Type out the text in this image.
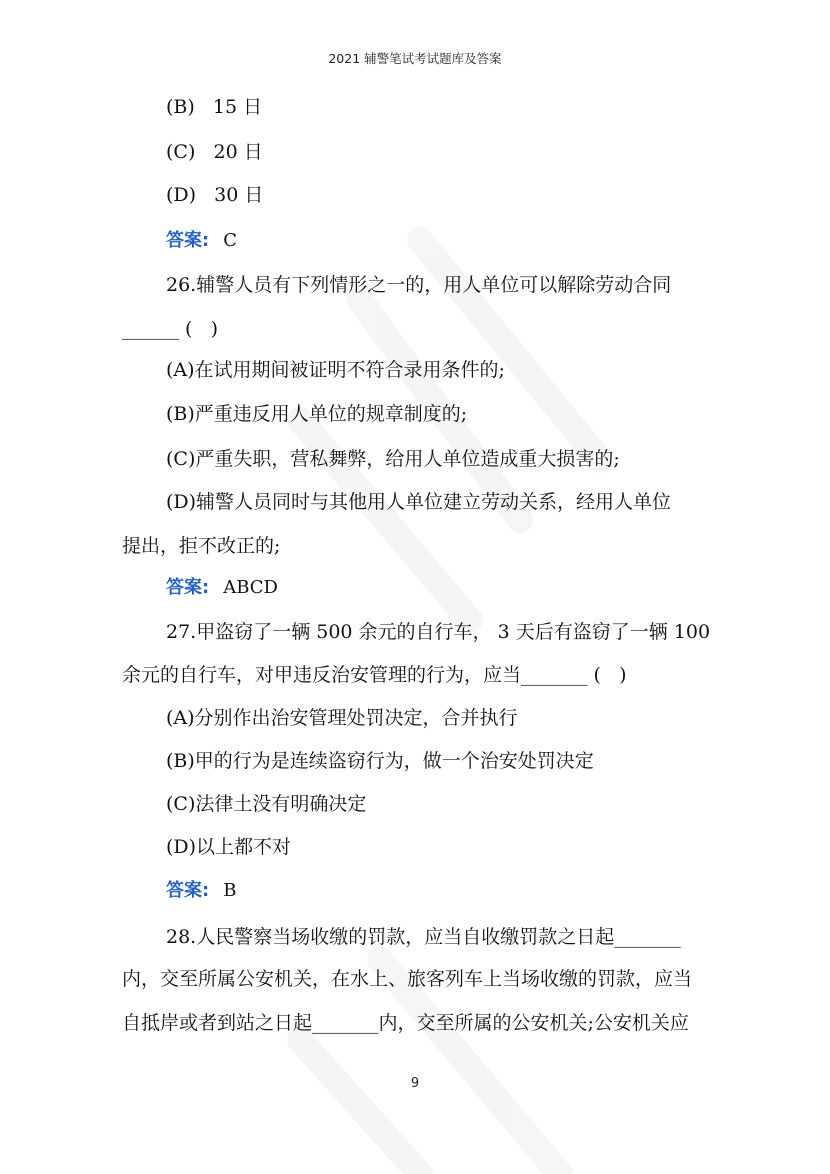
2021 辅警笔试考试题库及答案
(B)   15 日
(C)   20 日
(D)   30 日
答案: C
26.辅警人员有下列情形之一的，用人单位可以解除劳动合同
______ (   )
(A)在试用期间被证明不符合录用条件的;
(B)严重违反用人单位的规章制度的;
(C)严重失职，营私舞弊，给用人单位造成重大损害的;
(D)辅警人员同时与其他用人单位建立劳动关系，经用人单位
提出，拒不改正的;
答案: ABCD
27.甲盗窃了一辆 500 余元的自行车， 3 天后有盗窃了一辆 100
余元的自行车，对甲违反治安管理的行为，应当_______ (   )
(A)分别作出治安管理处罚决定，合并执行
(B)甲的行为是连续盗窃行为，做一个治安处罚决定
(C)法律土没有明确决定
(D)以上都不对
答案: B
28.人民警察当场收缴的罚款，应当自收缴罚款之日起_______
内，交至所属公安机关，在水上、旅客列车上当场收缴的罚款，应当
自抵岸或者到站之日起_______内，交至所属的公安机关;公安机关应
9
